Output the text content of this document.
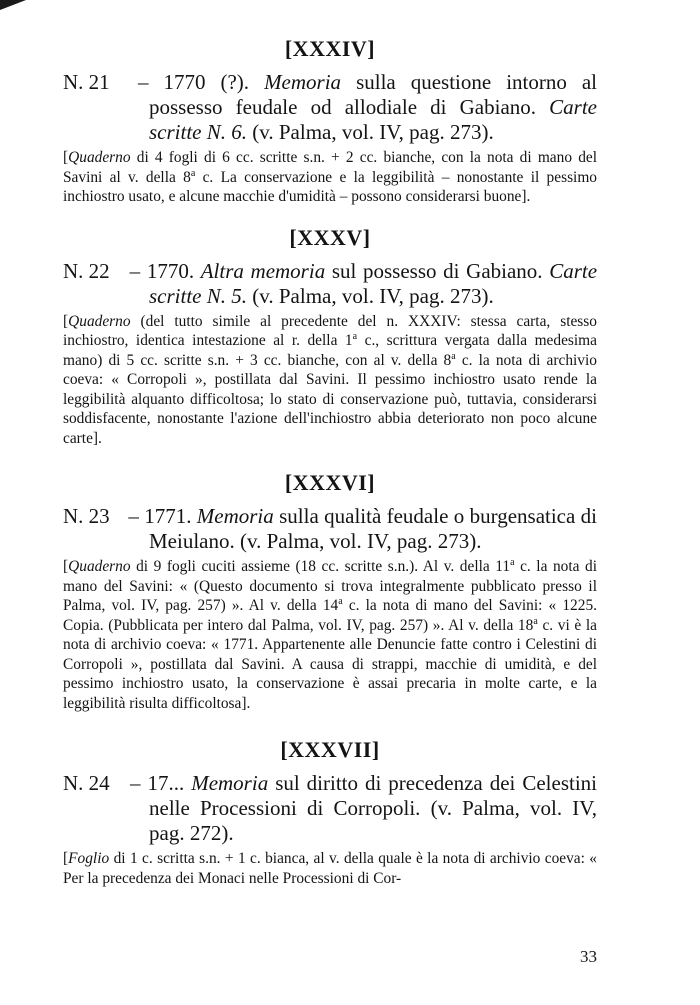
[XXXIV]

N. 21 – 1770 (?). Memoria sulla questione intorno al possesso feudale od allodiale di Gabiano. Carte scritte N. 6. (v. Palma, vol. IV, pag. 273).

[Quaderno di 4 fogli di 6 cc. scritte s.n. + 2 cc. bianche, con la nota di mano del Savini al v. della 8$^a$ c. La conservazione e la leggibilità – nonostante il pessimo inchiostro usato, e alcune macchie d'umidità – possono considerarsi buone].

[XXXV]

N. 22 – 1770. Altra memoria sul possesso di Gabiano. Carte scritte N. 5. (v. Palma, vol. IV, pag. 273).

[Quaderno (del tutto simile al precedente del n. XXXIV: stessa carta, stesso inchiostro, identica intestazione al r. della 1$^a$ c., scrittura vergata dalla medesima mano) di 5 cc. scritte s.n. + 3 cc. bianche, con al v. della 8$^a$ c. la nota di archivio coeva: « Corropoli », postillata dal Savini. Il pessimo inchiostro usato rende la leggibilità alquanto difficoltosa; lo stato di conservazione può, tuttavia, considerarsi soddisfacente, nonostante l'azione dell'inchiostro abbia deteriorato non poco alcune carte].

[XXXVI]

N. 23 – 1771. Memoria sulla qualità feudale o burgensatica di Meiulano. (v. Palma, vol. IV, pag. 273).

[Quaderno di 9 fogli cuciti assieme (18 cc. scritte s.n.). Al v. della 11$^a$ c. la nota di mano del Savini: « (Questo documento si trova integralmente pubblicato presso il Palma, vol. IV, pag. 257) ». Al v. della 14$^a$ c. la nota di mano del Savini: « 1225. Copia. (Pubblicata per intero dal Palma, vol. IV, pag. 257) ». Al v. della 18$^a$ c. vi è la nota di archivio coeva: « 1771. Appartenente alle Denuncie fatte contro i Celestini di Corropoli », postillata dal Savini. A causa di strappi, macchie di umidità, e del pessimo inchiostro usato, la conservazione è assai precaria in molte carte, e la leggibilità risulta difficoltosa].

[XXXVII]

N. 24 – 17... Memoria sul diritto di precedenza dei Celestini nelle Processioni di Corropoli. (v. Palma, vol. IV, pag. 272).

[Foglio di 1 c. scritta s.n. + 1 c. bianca, al v. della quale è la nota di archivio coeva: « Per la precedenza dei Monaci nelle Processioni di Cor-

33
